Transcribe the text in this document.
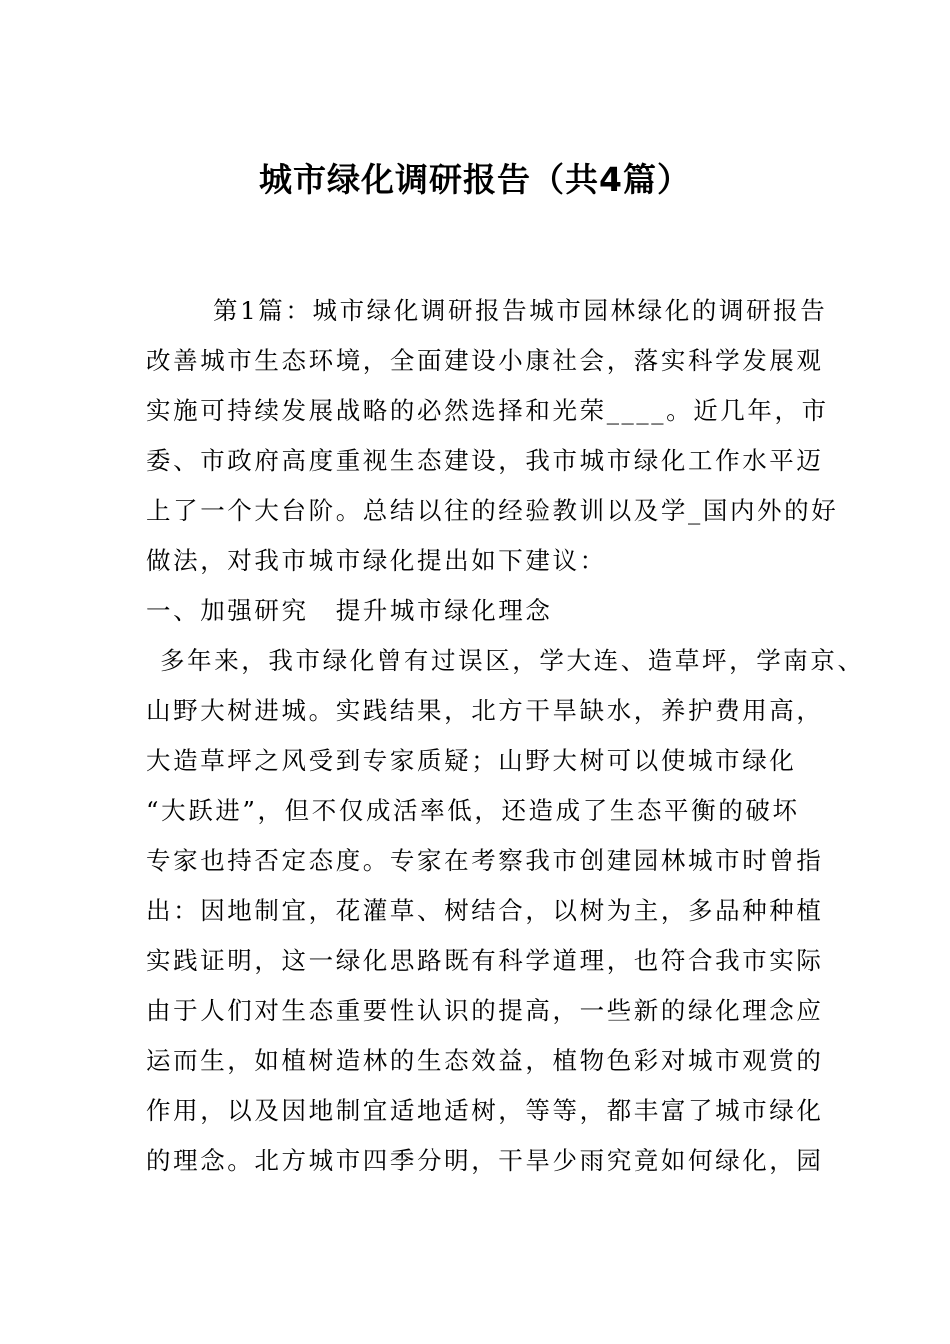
城市绿化调研报告（共4篇）
第1篇：城市绿化调研报告城市园林绿化的调研报告
改善城市生态环境，全面建设小康社会，落实科学发展观
实施可持续发展战略的必然选择和光荣____。近几年，市
委、市政府高度重视生态建设，我市城市绿化工作水平迈
上了一个大台阶。总结以往的经验教训以及学_国内外的好
做法，对我市城市绿化提出如下建议：
一、加强研究　提升城市绿化理念
多年来，我市绿化曾有过误区，学大连、造草坪，学南京、
山野大树进城。实践结果，北方干旱缺水，养护费用高，
大造草坪之风受到专家质疑；山野大树可以使城市绿化
“大跃进”，但不仅成活率低，还造成了生态平衡的破坏
专家也持否定态度。专家在考察我市创建园林城市时曾指
出：因地制宜，花灌草、树结合，以树为主，多品种种植
实践证明，这一绿化思路既有科学道理，也符合我市实际
由于人们对生态重要性认识的提高，一些新的绿化理念应
运而生，如植树造林的生态效益，植物色彩对城市观赏的
作用，以及因地制宜适地适树，等等，都丰富了城市绿化
的理念。北方城市四季分明，干旱少雨究竟如何绿化，园
